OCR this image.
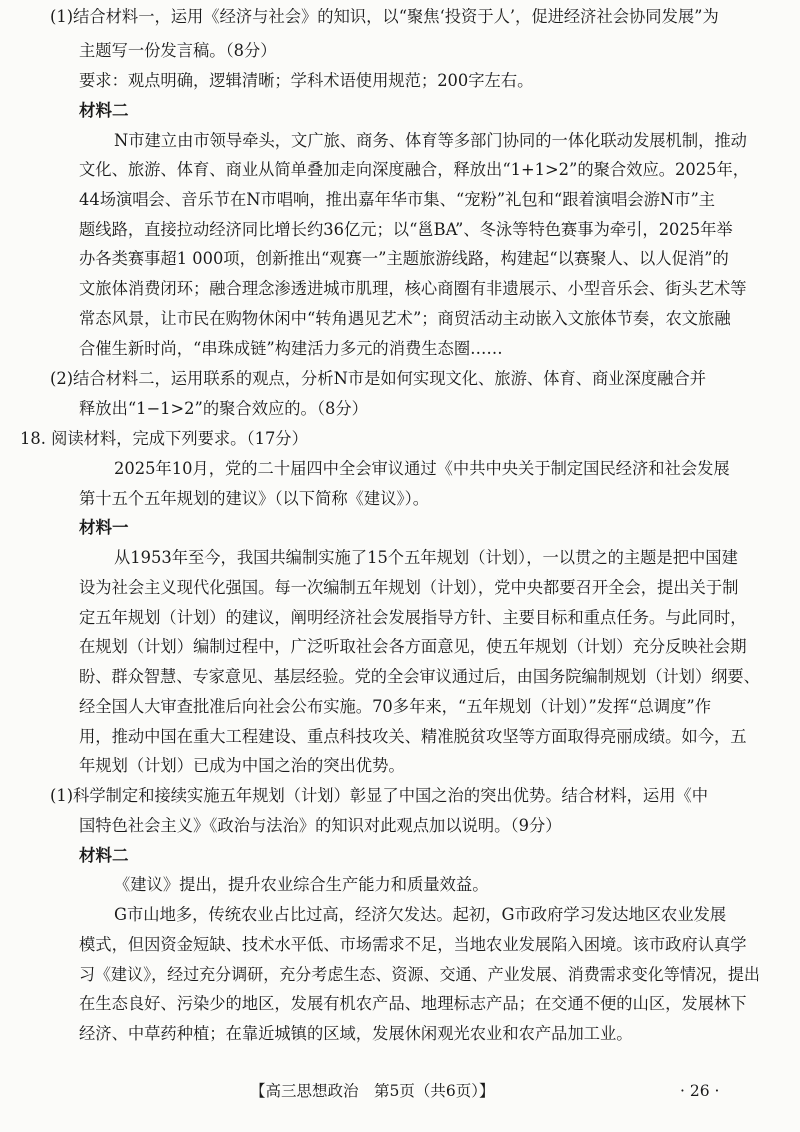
(1)结合材料一，运用《经济与社会》的知识，以“聚焦‘投资于人’，促进经济社会协同发展”为
主题写一份发言稿。（8分）
要求：观点明确，逻辑清晰；学科术语使用规范；200字左右。
材料二
N市建立由市领导牵头，文广旅、商务、体育等多部门协同的一体化联动发展机制，推动
文化、旅游、体育、商业从简单叠加走向深度融合，释放出“1+1>2”的聚合效应。2025年，
44场演唱会、音乐节在N市唱响，推出嘉年华市集、“宠粉”礼包和“跟着演唱会游N市”主
题线路，直接拉动经济同比增长约36亿元；以“邕BA”、冬泳等特色赛事为牵引，2025年举
办各类赛事超1 000项，创新推出“观赛一”主题旅游线路，构建起“以赛聚人、以人促消”的
文旅体消费闭环；融合理念渗透进城市肌理，核心商圈有非遗展示、小型音乐会、街头艺术等
常态风景，让市民在购物休闲中“转角遇见艺术”；商贸活动主动嵌入文旅体节奏，农文旅融
合催生新时尚，“串珠成链”构建活力多元的消费生态圈……
(2)结合材料二，运用联系的观点，分析N市是如何实现文化、旅游、体育、商业深度融合并
释放出“1−1>2”的聚合效应的。（8分）
18. 阅读材料，完成下列要求。（17分）
2025年10月，党的二十届四中全会审议通过《中共中央关于制定国民经济和社会发展
第十五个五年规划的建议》（以下简称《建议》）。
材料一
从1953年至今，我国共编制实施了15个五年规划（计划），一以贯之的主题是把中国建
设为社会主义现代化强国。每一次编制五年规划（计划），党中央都要召开全会，提出关于制
定五年规划（计划）的建议，阐明经济社会发展指导方针、主要目标和重点任务。与此同时，
在规划（计划）编制过程中，广泛听取社会各方面意见，使五年规划（计划）充分反映社会期
盼、群众智慧、专家意见、基层经验。党的全会审议通过后，由国务院编制规划（计划）纲要、
经全国人大审查批准后向社会公布实施。70多年来，“五年规划（计划）”发挥“总调度”作
用，推动中国在重大工程建设、重点科技攻关、精准脱贫攻坚等方面取得亮丽成绩。如今，五
年规划（计划）已成为中国之治的突出优势。
(1)科学制定和接续实施五年规划（计划）彰显了中国之治的突出优势。结合材料，运用《中
国特色社会主义》《政治与法治》的知识对此观点加以说明。（9分）
材料二
《建议》提出，提升农业综合生产能力和质量效益。
G市山地多，传统农业占比过高，经济欠发达。起初，G市政府学习发达地区农业发展
模式，但因资金短缺、技术水平低、市场需求不足，当地农业发展陷入困境。该市政府认真学
习《建议》，经过充分调研，充分考虑生态、资源、交通、产业发展、消费需求变化等情况，提出
在生态良好、污染少的地区，发展有机农产品、地理标志产品；在交通不便的山区，发展林下
经济、中草药种植；在靠近城镇的区域，发展休闲观光农业和农产品加工业。
【高三思想政治　第5页（共6页）】	· 26 ·
